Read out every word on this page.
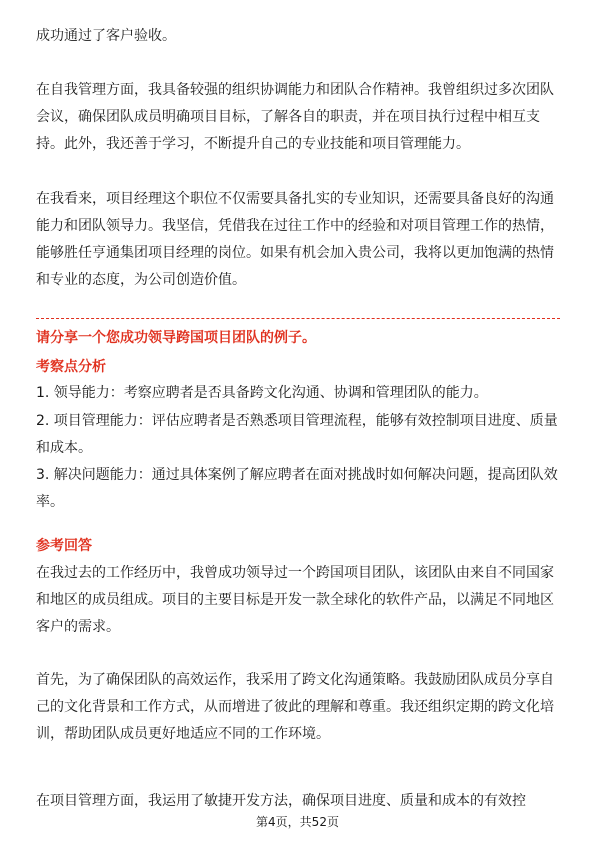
成功通过了客户验收。

在自我管理方面，我具备较强的组织协调能力和团队合作精神。我曾组织过多次团队会议，确保团队成员明确项目目标，了解各自的职责，并在项目执行过程中相互支持。此外，我还善于学习，不断提升自己的专业技能和项目管理能力。

在我看来，项目经理这个职位不仅需要具备扎实的专业知识，还需要具备良好的沟通能力和团队领导力。我坚信，凭借我在过往工作中的经验和对项目管理工作的热情，能够胜任亨通集团项目经理的岗位。如果有机会加入贵公司，我将以更加饱满的热情和专业的态度，为公司创造价值。

请分享一个您成功领导跨国项目团队的例子。
考察点分析

1. 领导能力：考察应聘者是否具备跨文化沟通、协调和管理团队的能力。

2. 项目管理能力：评估应聘者是否熟悉项目管理流程，能够有效控制项目进度、质量和成本。

3. 解决问题能力：通过具体案例了解应聘者在面对挑战时如何解决问题，提高团队效率。

参考回答

在我过去的工作经历中，我曾成功领导过一个跨国项目团队，该团队由来自不同国家和地区的成员组成。项目的主要目标是开发一款全球化的软件产品，以满足不同地区客户的需求。

首先，为了确保团队的高效运作，我采用了跨文化沟通策略。我鼓励团队成员分享自己的文化背景和工作方式，从而增进了彼此的理解和尊重。我还组织定期的跨文化培训，帮助团队成员更好地适应不同的工作环境。

在项目管理方面，我运用了敏捷开发方法，确保项目进度、质量和成本的有效控

第4页，共52页
